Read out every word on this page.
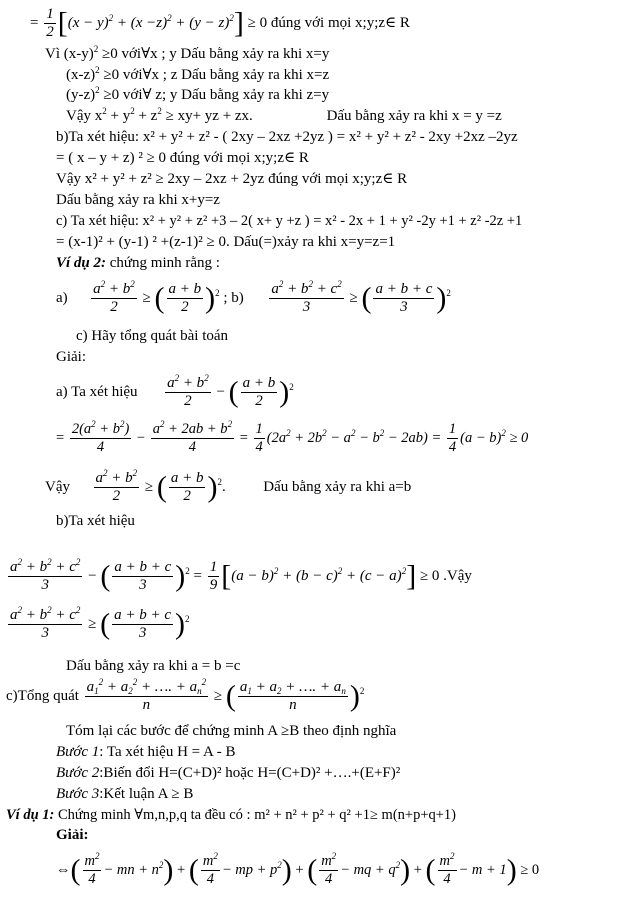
= $\frac{1}{2} [(x - y)^2 + (x -z)^2 + (y - z)^2] \ge 0$ đúng với mọi x;y;z∈ R
Vì $(x-y)^2 \ge 0$ với∀x ; y Dấu bằng xảy ra khi x=y
$(x-z)^2 \ge 0$ với∀x ; z Dấu bằng xảy ra khi x=z
$(y-z)^2 \ge 0$ với∀ z; y Dấu bằng xảy ra khi z=y
Vậy $x^2 + y^2 + z^2 \ge xy+$ yz + zx.	Dấu bằng xảy ra khi x = y =z
b)Ta xét hiệu: x² + y² + z² - ( 2xy – 2xz +2yz ) = x² + y² + z² - 2xy +2xz –2yz
= ( x – y + z) ² ≥ 0 đúng với mọi x;y;z∈ R
Vậy x² + y² + z² ≥ 2xy – 2xz + 2yz đúng với mọi x;y;z∈ R
Dấu bằng xảy ra khi x+y=z
c) Ta xét hiệu: x² + y² + z² +3 – 2( x+ y +z ) = x² - 2x + 1 + y² -2y +1 + z² -2z +1
= (x-1)² + (y-1) ² +(z-1)² ≥ 0. Dấu(=)xảy ra khi x=y=z=1
Ví dụ 2: chứng minh rằng :
$a) \frac{a^2 + b^2}{2}$ ≥ ( $\frac{a + b}{2} )^2$ ; $b) \frac{a^2 + b^2 + c^2}{3}$ ≥ ( $\frac{a + b + c}{3} )^2$
c) Hãy tổng quát bài toán
Giải:
a) Ta xét hiệu $\frac{a^2 + b^2}{2}$ − ( $\frac{a + b}{2} )^2$
= $\frac{2(a^2 + b^2)}{4} - \frac{a^2 + 2ab + b^2}{4} = \frac{1}{4} (2a^2 + 2b^2 - a^2 - b^2 - 2ab) = \frac{1}{4} (a - b)^2 \ge 0$
Vậy $\frac{a^2 + b^2}{2}$ ≥ ( $\frac{a + b}{2} )^2$.  Dấu bằng xảy ra khi a=b
b)Ta xét hiệu
$\frac{a^2 + b^2 + c^2}{3}$ − ( $\frac{a + b + c}{3} )^2 = \frac{1}{9} [(a - b)^2 + (b - c)^2 + (c - a)^2] \ge 0$ .Vậy
$\frac{a^2 + b^2 + c^2}{3}$ ≥ ( $\frac{a + b + c}{3} )^2$
Dấu bằng xảy ra khi a = b =c
c)Tổng quát $\frac{a_1^2 + a_2^2 + \dots. + a_n^2}{n}$ ≥ ( $\frac{a_1 + a_2 + \dots. + a_n}{n} )^2$
Tóm lại các bước để chứng minh A ≥B theo định nghĩa
Bước 1: Ta xét hiệu H = A - B
Bước 2:Biến đổi H=(C+D)² hoặc H=(C+D)² +….+(E+F)²
Bước 3:Kết luận A ≥ B
Ví dụ 1: Chứng minh ∀m,n,p,q ta đều có : m² + n² + p² + q² +1≥ m(n+p+q+1)
Giải:
⇔( $\frac{m^2}{4}$ − mn + $n^2$) + ( $\frac{m^2}{4}$ − mp + $p^2$) + ( $\frac{m^2}{4}$ − mq + $q^2$) + ( $\frac{m^2}{4} - m + 1) \ge 0$
